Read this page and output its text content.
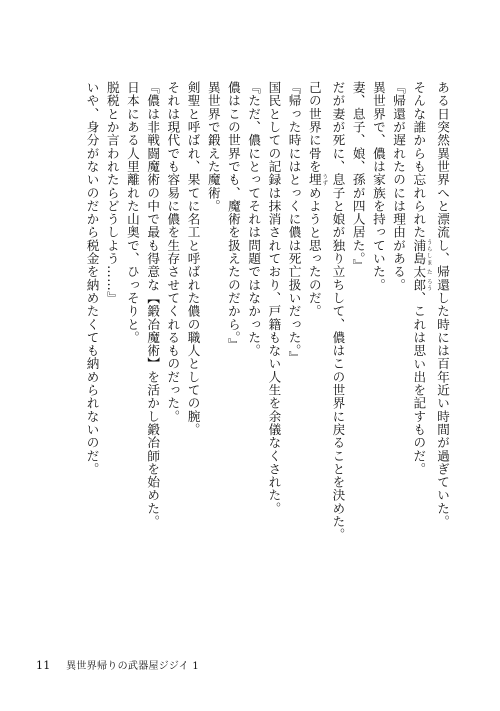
ある日突然異世界へと漂流し、帰還した時には百年近い時間が過ぎていた。
そんな誰からも忘れられた浦島太郎 うらしま た ろう、これは思い出を記すものだ。
『帰還が遅れたのには理由がある。
異世界で、儂は家族を持っていた。
妻、息子、娘、孫が四人居た。』
だが妻が死に、息子と娘が独り立ちして、儂はこの世界に戻ることを決めた。
己の世界に骨を埋 うずめようと思ったのだ。
『帰った時にはとっくに儂は死亡扱いだった。』
国民としての記録は抹消されており、戸籍もない人生を余儀なくされた。
『ただ、儂にとってそれは問題ではなかった。
儂はこの世界でも、魔術を扱えたのだから。』
異世界で鍛えた魔術。
剣聖と呼ばれ、果てに名工と呼ばれた儂の職人としての腕。
それは現代でも容易に儂を生存させてくれるものだった。
『儂は非戦闘魔術の中で最も得意な【鍛冶魔術】を活かし鍛冶師を始めた。
日本にある人里離れた山奥で、ひっそりと。
脱税とか言われたらどうしよう……』
いや、身分がないのだから税金を納めたくても納められないのだ。
11 異世界帰りの武器屋ジジイ 1
